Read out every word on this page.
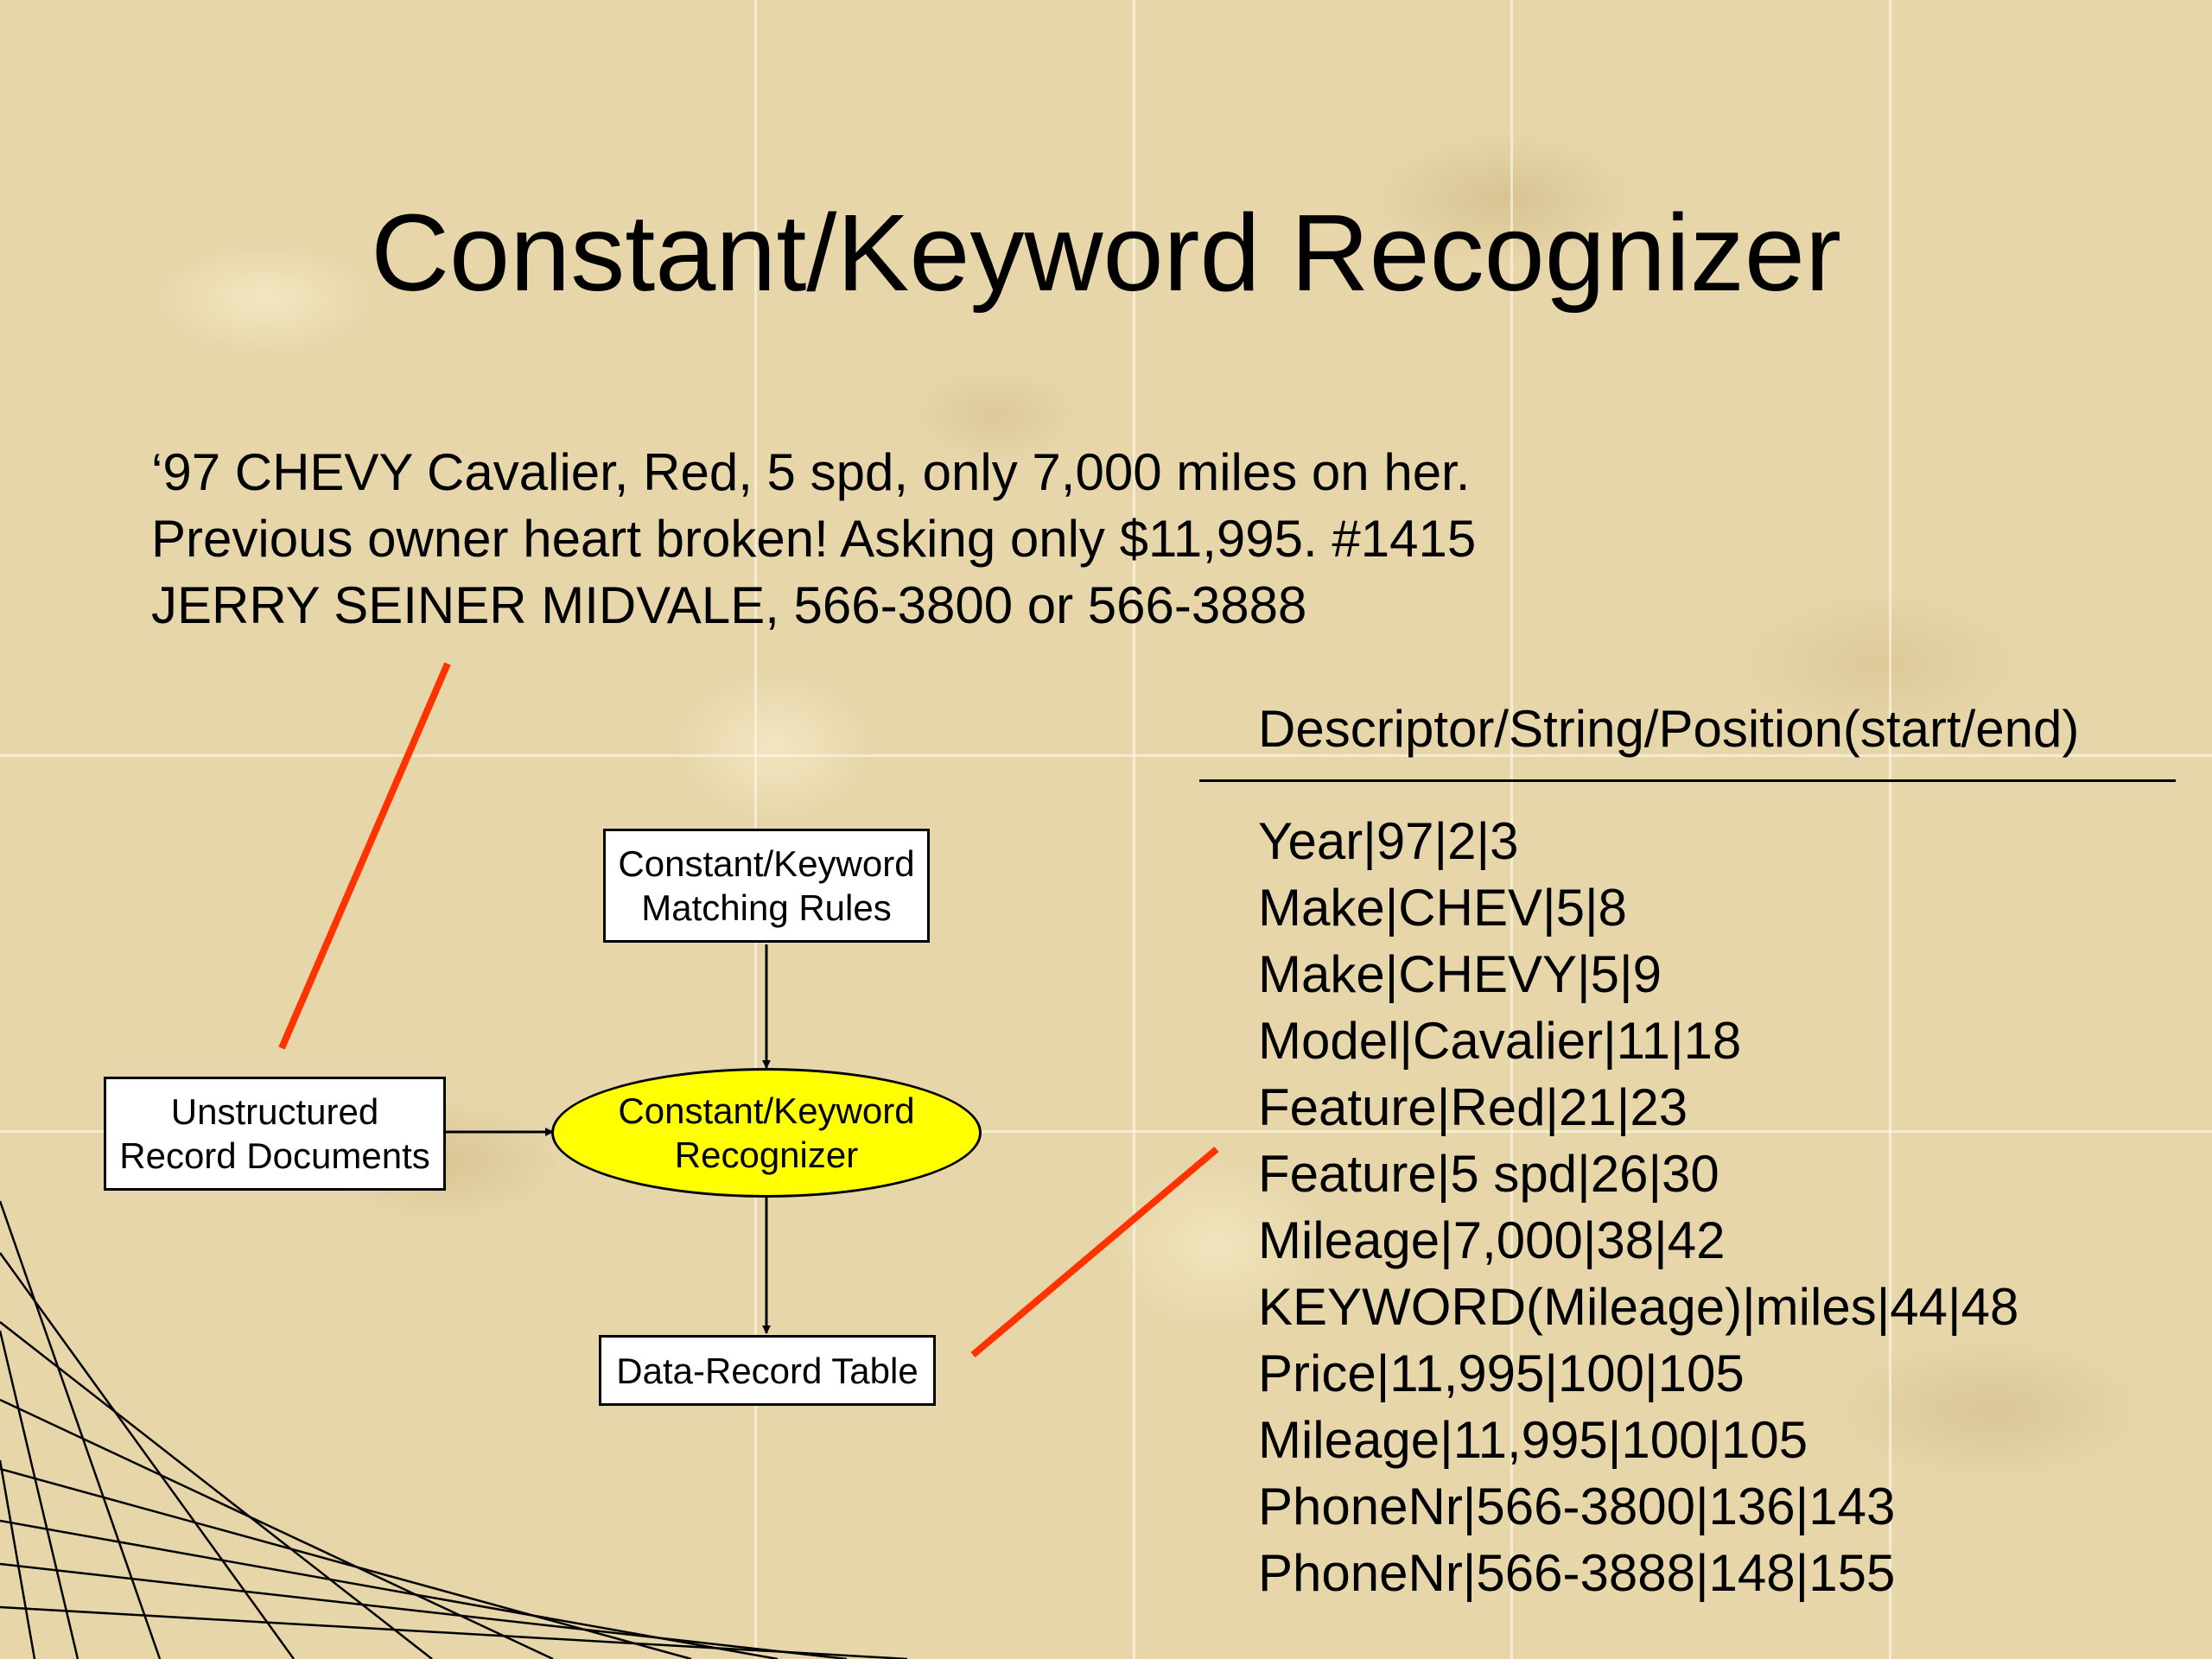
Constant/Keyword Recognizer
‘97 CHEVY Cavalier, Red, 5 spd, only 7,000 miles on her.
Previous owner heart broken! Asking only $11,995. #1415
JERRY SEINER MIDVALE, 566-3800 or 566-3888
Constant/Keyword
Matching Rules
Constant/Keyword
Recognizer
Unstructured
Record Documents
Data-Record Table
Descriptor/String/Position(start/end)
Year|97|2|3
Make|CHEV|5|8
Make|CHEVY|5|9
Model|Cavalier|11|18
Feature|Red|21|23
Feature|5 spd|26|30
Mileage|7,000|38|42
KEYWORD(Mileage)|miles|44|48
Price|11,995|100|105
Mileage|11,995|100|105
PhoneNr|566-3800|136|143
PhoneNr|566-3888|148|155
